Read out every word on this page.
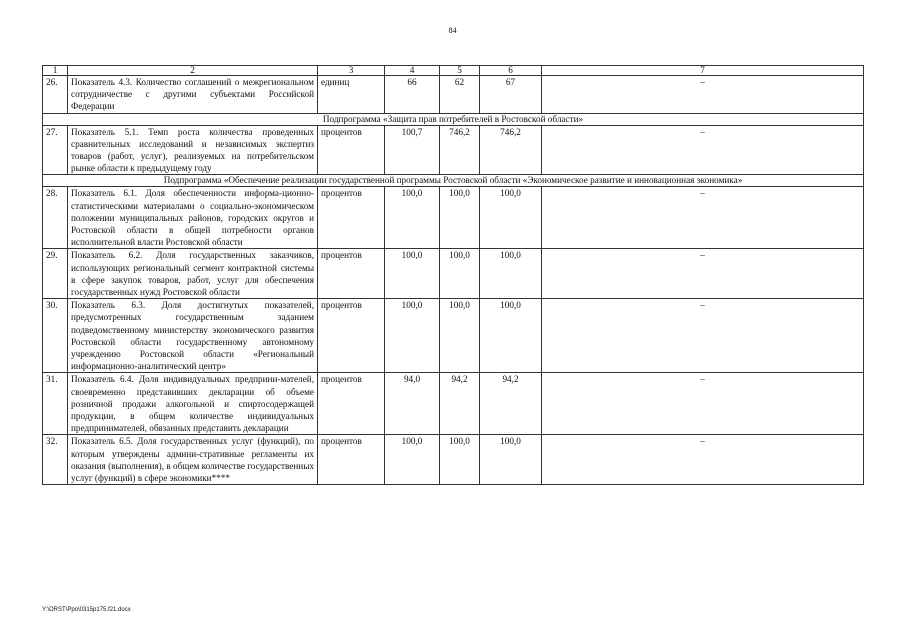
84
1	2	3	4	5	6	7
26.	Показатель 4.3. Количество соглашений о межрегиональном сотрудничестве с другими субъектами Российской Федерации	единиц	66	62	67	–
Подпрограмма «Защита прав потребителей в Ростовской области»						
27.	Показатель 5.1. Темп роста количества проведенных сравнительных исследований и независимых экспертиз товаров (работ, услуг), реализуемых на потребительском рынке области к предыдущему году	процентов	100,7	746,2	746,2	–
Подпрограмма «Обеспечение реализации государственной программы Ростовской области «Экономическое развитие и инновационная экономика»						
28.	Показатель 6.1. Доля обеспеченности информа-ционно-статистическими материалами о социально-экономическом положении муниципальных районов, городских округов и Ростовской области в общей потребности органов исполнительной власти Ростовской области	процентов	100,0	100,0	100,0	–
29.	Показатель 6.2. Доля государственных заказчиков, использующих региональный сегмент контрактной системы в сфере закупок товаров, работ, услуг для обеспечения государственных нужд Ростовской области	процентов	100,0	100,0	100,0	–
30.	Показатель 6.3. Доля достигнутых показателей, предусмотренных государственным заданием подведомственному министерству экономического развития Ростовской области государственному автономному учреждению Ростовской области «Региональный информационно-аналитический центр»	процентов	100,0	100,0	100,0	–
31.	Показатель 6.4. Доля индивидуальных предприни-мателей, своевременно представивших декларации об объеме розничной продажи алкогольной и спиртосодержащей продукции, в общем количестве индивидуальных предпринимателей, обязанных представить декларации	процентов	94,0	94,2	94,2	–
32.	Показатель 6.5. Доля государственных услуг (функций), по которым утверждены админи-стративные регламенты их оказания (выполнения), в общем количестве государственных услуг (функций) в сфере экономики****	процентов	100,0	100,0	100,0	–
Y:\ORST\Ppo\0315p175.f21.docx
